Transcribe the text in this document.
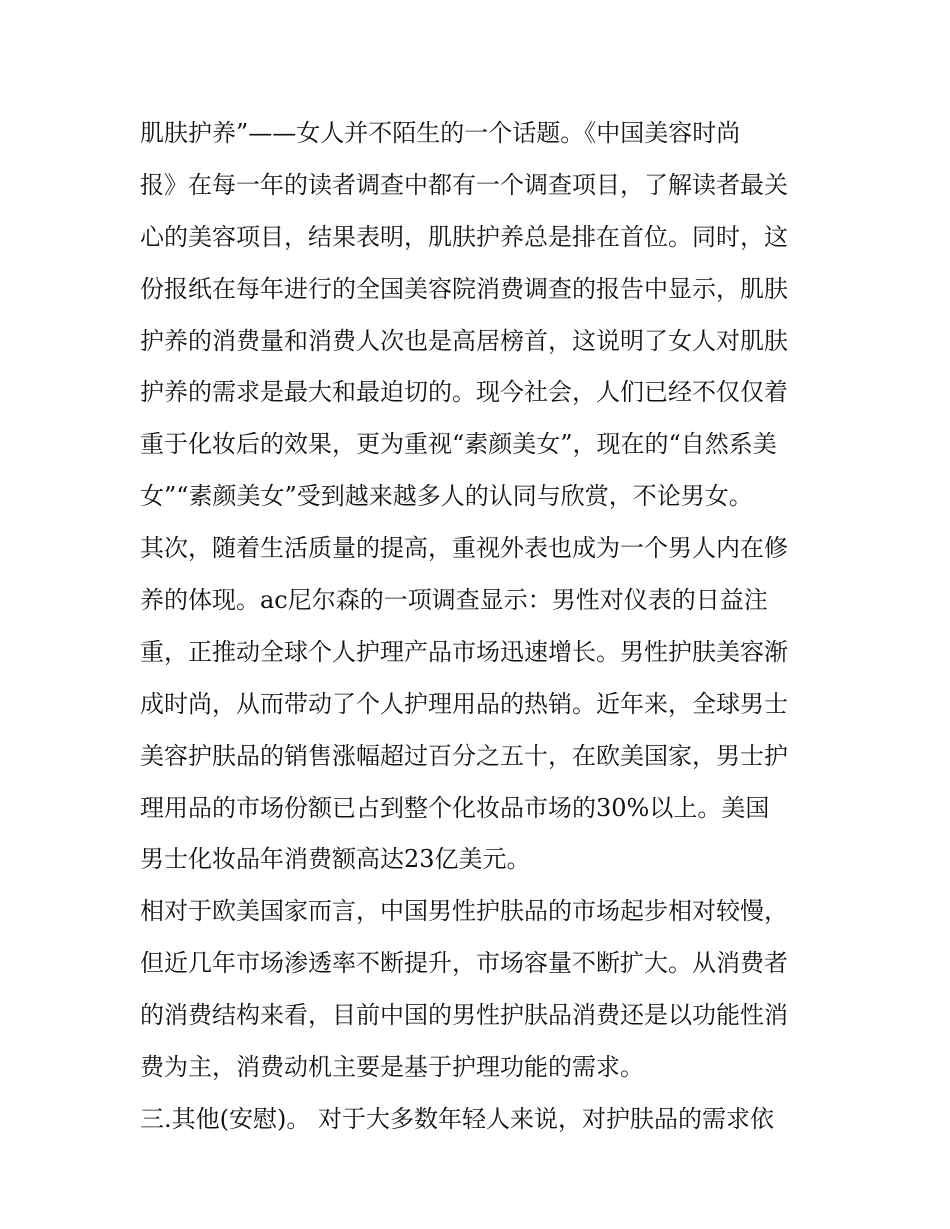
肌肤护养”——女人并不陌生的一个话题。《中国美容时尚
报》在每一年的读者调查中都有一个调查项目，了解读者最关
心的美容项目，结果表明，肌肤护养总是排在首位。同时，这
份报纸在每年进行的全国美容院消费调查的报告中显示，肌肤
护养的消费量和消费人次也是高居榜首，这说明了女人对肌肤
护养的需求是最大和最迫切的。现今社会，人们已经不仅仅着
重于化妆后的效果，更为重视“素颜美女”，现在的“自然系美
女”“素颜美女”受到越来越多人的认同与欣赏，不论男女。
其次，随着生活质量的提高，重视外表也成为一个男人内在修
养的体现。ac尼尔森的一项调查显示：男性对仪表的日益注
重，正推动全球个人护理产品市场迅速增长。男性护肤美容渐
成时尚，从而带动了个人护理用品的热销。近年来，全球男士
美容护肤品的销售涨幅超过百分之五十，在欧美国家，男士护
理用品的市场份额已占到整个化妆品市场的30%以上。美国
男士化妆品年消费额高达23亿美元。
相对于欧美国家而言，中国男性护肤品的市场起步相对较慢，
但近几年市场渗透率不断提升，市场容量不断扩大。从消费者
的消费结构来看，目前中国的男性护肤品消费还是以功能性消
费为主，消费动机主要是基于护理功能的需求。
三.其他(安慰)。 对于大多数年轻人来说，对护肤品的需求依
